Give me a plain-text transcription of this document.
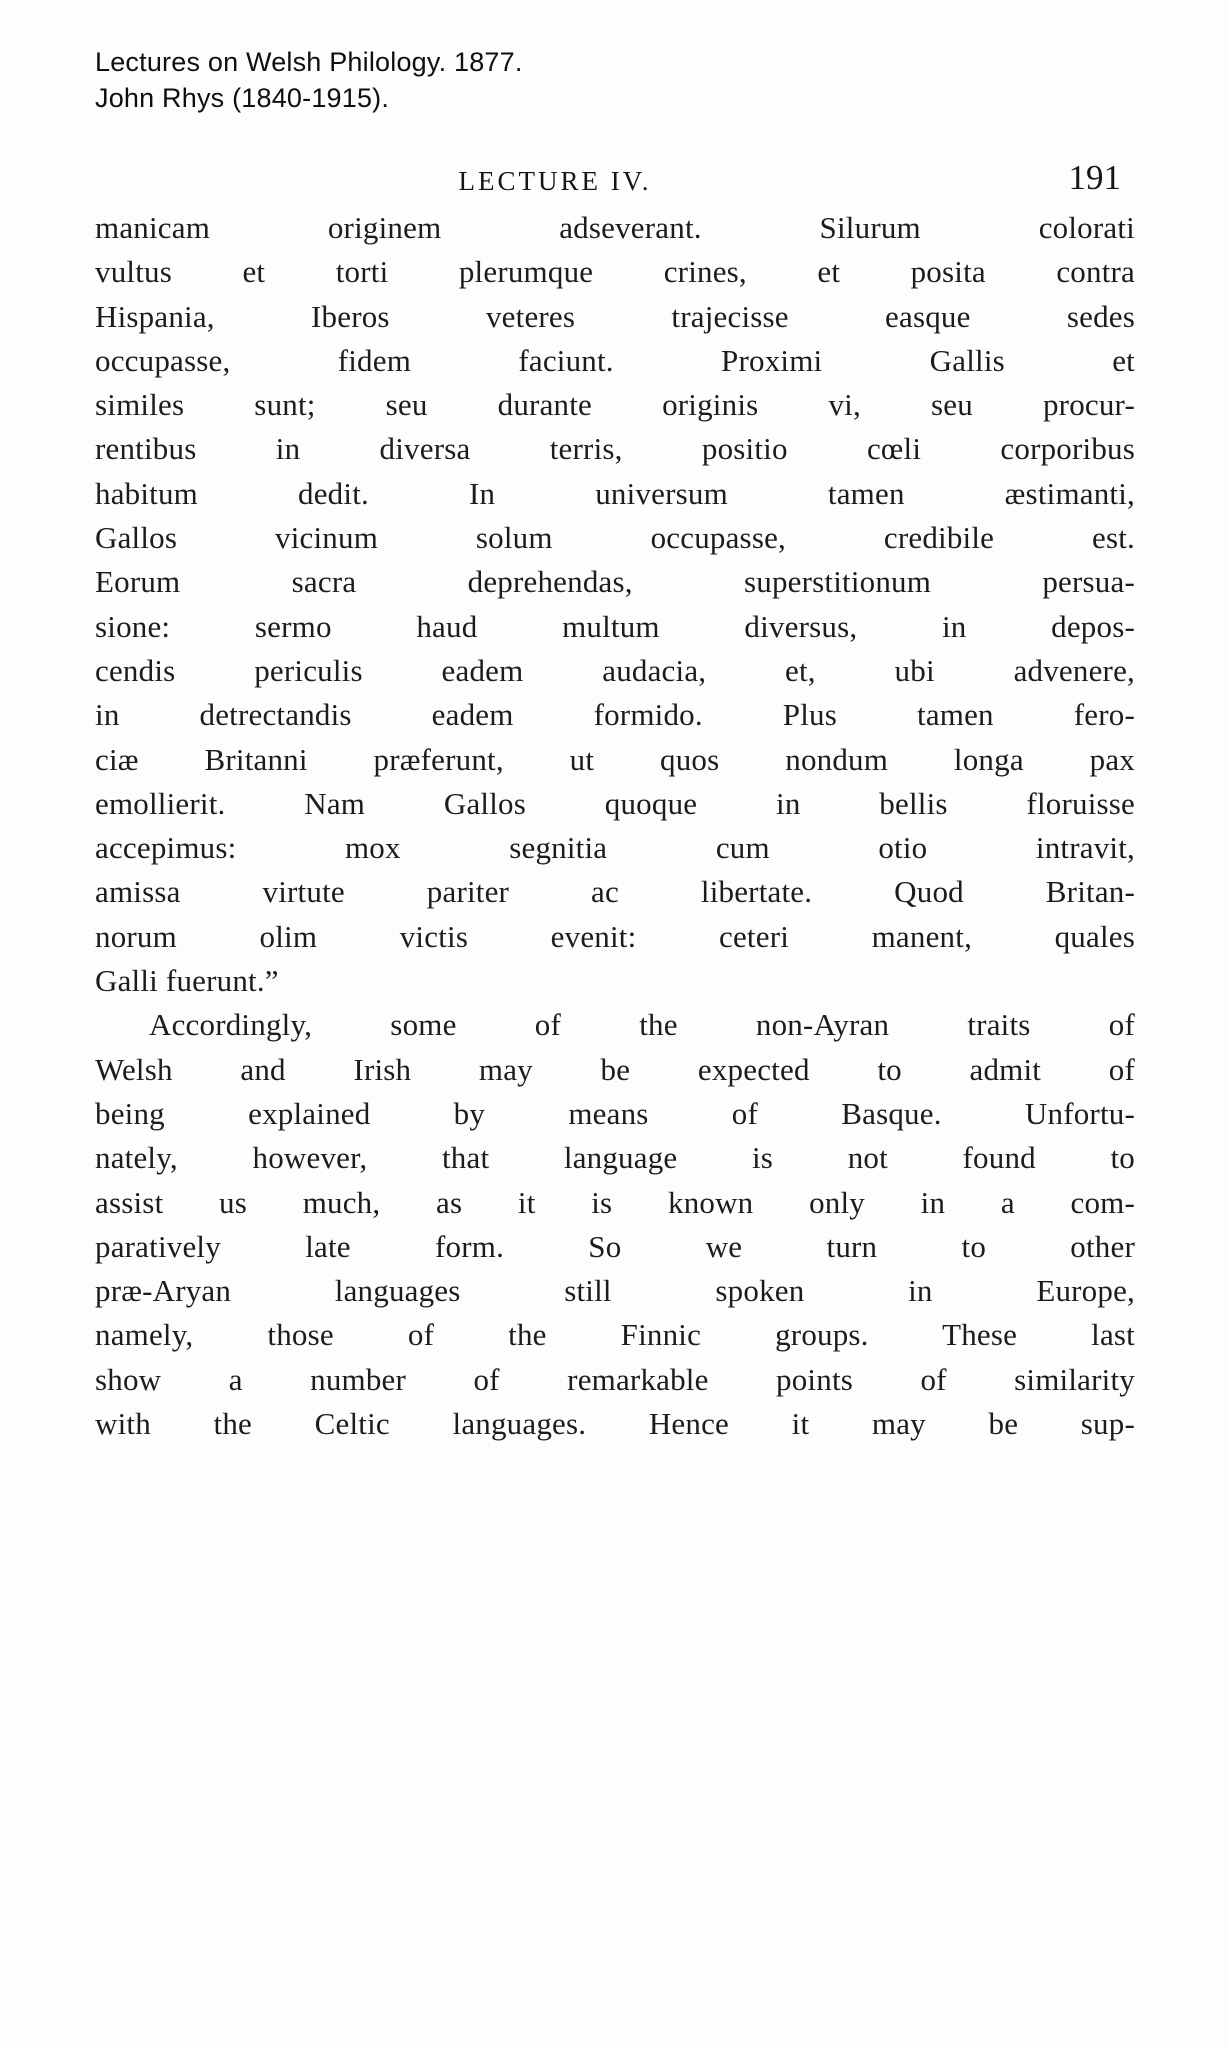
Lectures on Welsh Philology. 1877.
John Rhys (1840-1915).
LECTURE IV.	191
manicam originem adseverant. Silurum colorati
vultus et torti plerumque crines, et posita contra
Hispania, Iberos veteres trajecisse easque sedes
occupasse, fidem faciunt. Proximi Gallis et
similes sunt; seu durante originis vi, seu procur-
rentibus in diversa terris, positio cœli corporibus
habitum dedit. In universum tamen æstimanti,
Gallos vicinum solum occupasse, credibile est.
Eorum sacra deprehendas, superstitionum persua-
sione: sermo haud multum diversus, in depos-
cendis periculis eadem audacia, et, ubi advenere,
in detrectandis eadem formido. Plus tamen fero-
ciæ Britanni præferunt, ut quos nondum longa pax
emollierit. Nam Gallos quoque in bellis floruisse
accepimus: mox segnitia cum otio intravit,
amissa virtute pariter ac libertate. Quod Britan-
norum olim victis evenit: ceteri manent, quales
Galli fuerunt.”
Accordingly, some of the non-Ayran traits of
Welsh and Irish may be expected to admit of
being explained by means of Basque. Unfortu-
nately, however, that language is not found to
assist us much, as it is known only in a com-
paratively late form. So we turn to other
præ-Aryan languages still spoken in Europe,
namely, those of the Finnic groups. These last
show a number of remarkable points of similarity
with the Celtic languages. Hence it may be sup-
